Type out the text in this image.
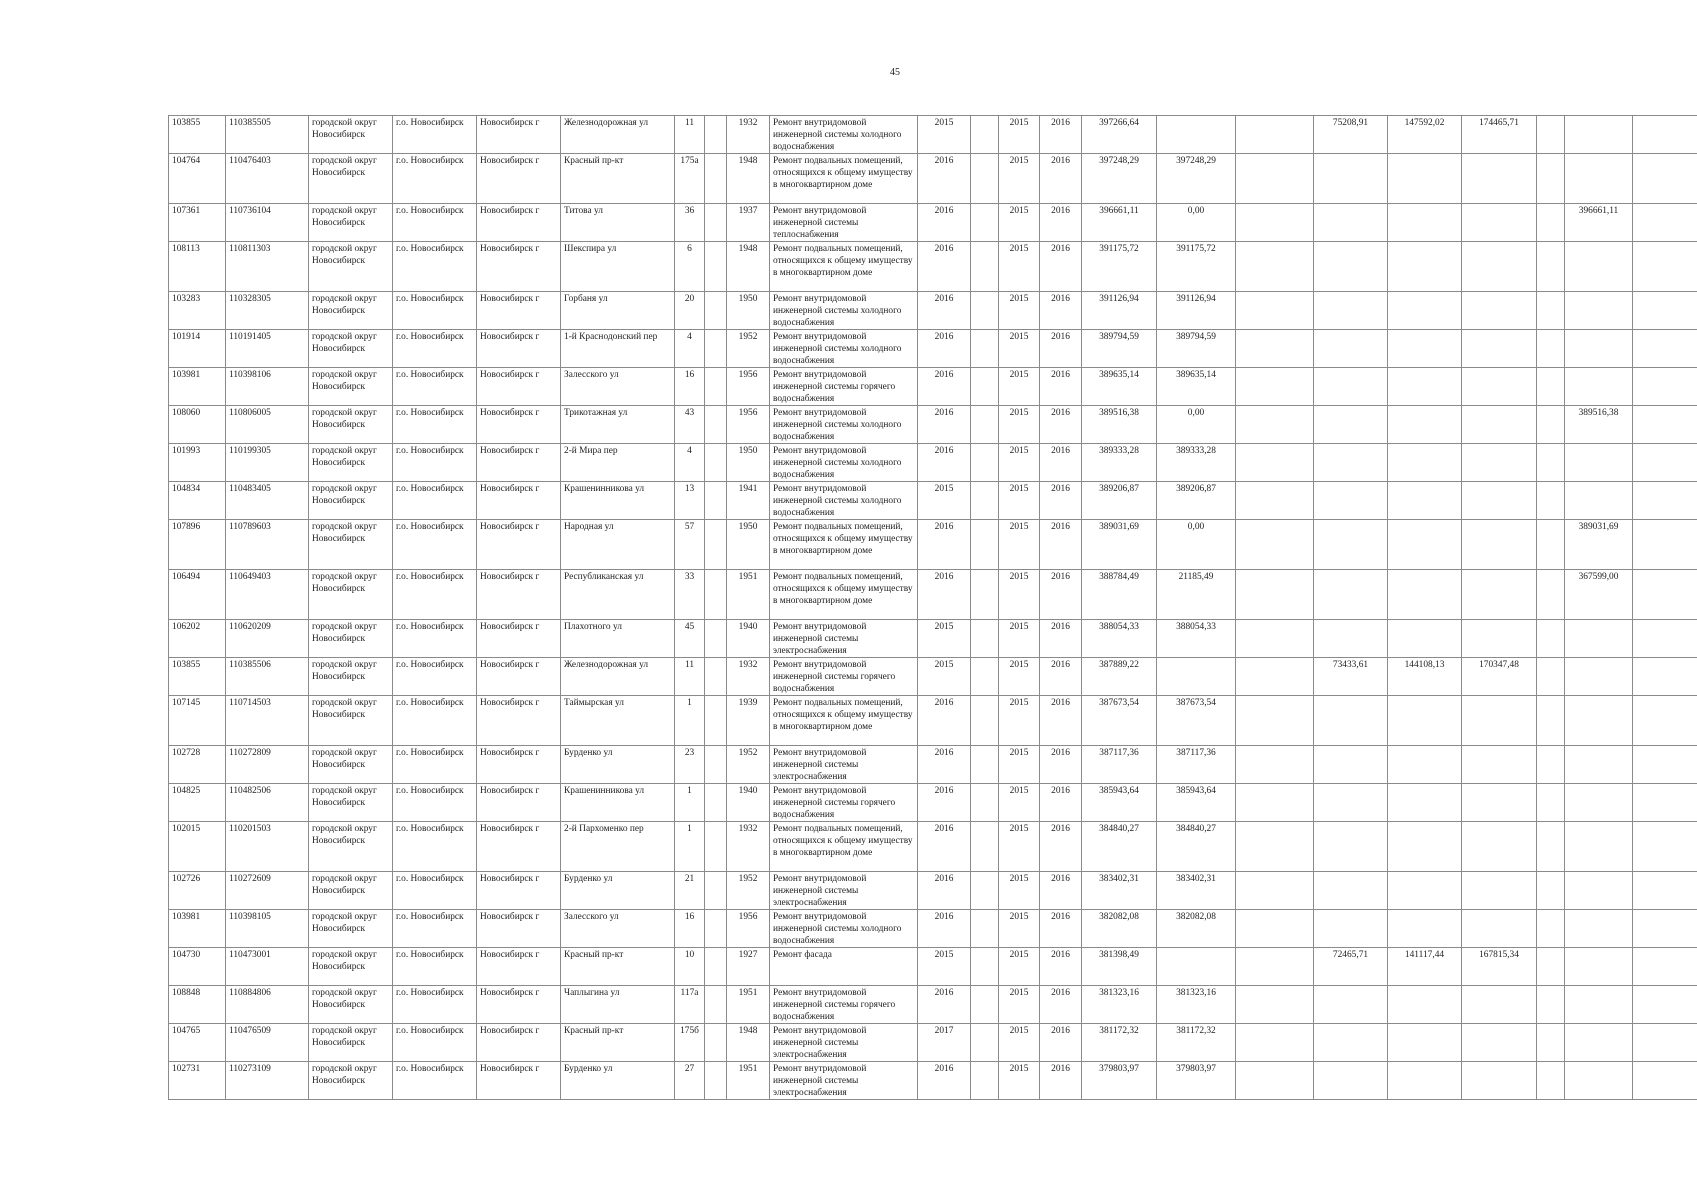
45
103855	110385505	городской округ Новосибирск	г.о. Новосибирск	Новосибирск г	Железнодорожная ул	11		1932	Ремонт внутридомовой инженерной системы холодного водоснабжения	2015		2015	2016	397266,64			75208,91	147592,02	174465,71			
104764	110476403	городской округ Новосибирск	г.о. Новосибирск	Новосибирск г	Красный пр-кт	175а		1948	Ремонт подвальных помещений, относящихся к общему имуществу в многоквартирном доме	2016		2015	2016	397248,29	397248,29							
107361	110736104	городской округ Новосибирск	г.о. Новосибирск	Новосибирск г	Титова ул	36		1937	Ремонт внутридомовой инженерной системы теплоснабжения	2016		2015	2016	396661,11	0,00						396661,11	
108113	110811303	городской округ Новосибирск	г.о. Новосибирск	Новосибирск г	Шекспира ул	6		1948	Ремонт подвальных помещений, относящихся к общему имуществу в многоквартирном доме	2016		2015	2016	391175,72	391175,72							
103283	110328305	городской округ Новосибирск	г.о. Новосибирск	Новосибирск г	Горбаня ул	20		1950	Ремонт внутридомовой инженерной системы холодного водоснабжения	2016		2015	2016	391126,94	391126,94							
101914	110191405	городской округ Новосибирск	г.о. Новосибирск	Новосибирск г	1-й Краснодонский пер	4		1952	Ремонт внутридомовой инженерной системы холодного водоснабжения	2016		2015	2016	389794,59	389794,59							
103981	110398106	городской округ Новосибирск	г.о. Новосибирск	Новосибирск г	Залесского ул	16		1956	Ремонт внутридомовой инженерной системы горячего водоснабжения	2016		2015	2016	389635,14	389635,14							
108060	110806005	городской округ Новосибирск	г.о. Новосибирск	Новосибирск г	Трикотажная ул	43		1956	Ремонт внутридомовой инженерной системы холодного водоснабжения	2016		2015	2016	389516,38	0,00						389516,38	
101993	110199305	городской округ Новосибирск	г.о. Новосибирск	Новосибирск г	2-й Мира пер	4		1950	Ремонт внутридомовой инженерной системы холодного водоснабжения	2016		2015	2016	389333,28	389333,28							
104834	110483405	городской округ Новосибирск	г.о. Новосибирск	Новосибирск г	Крашенинникова ул	13		1941	Ремонт внутридомовой инженерной системы холодного водоснабжения	2015		2015	2016	389206,87	389206,87							
107896	110789603	городской округ Новосибирск	г.о. Новосибирск	Новосибирск г	Народная ул	57		1950	Ремонт подвальных помещений, относящихся к общему имуществу в многоквартирном доме	2016		2015	2016	389031,69	0,00						389031,69	
106494	110649403	городской округ Новосибирск	г.о. Новосибирск	Новосибирск г	Республиканская ул	33		1951	Ремонт подвальных помещений, относящихся к общему имуществу в многоквартирном доме	2016		2015	2016	388784,49	21185,49						367599,00	
106202	110620209	городской округ Новосибирск	г.о. Новосибирск	Новосибирск г	Плахотного ул	45		1940	Ремонт внутридомовой инженерной системы электроснабжения	2015		2015	2016	388054,33	388054,33							
103855	110385506	городской округ Новосибирск	г.о. Новосибирск	Новосибирск г	Железнодорожная ул	11		1932	Ремонт внутридомовой инженерной системы горячего водоснабжения	2015		2015	2016	387889,22			73433,61	144108,13	170347,48			
107145	110714503	городской округ Новосибирск	г.о. Новосибирск	Новосибирск г	Таймырская ул	1		1939	Ремонт подвальных помещений, относящихся к общему имуществу в многоквартирном доме	2016		2015	2016	387673,54	387673,54							
102728	110272809	городской округ Новосибирск	г.о. Новосибирск	Новосибирск г	Бурденко ул	23		1952	Ремонт внутридомовой инженерной системы электроснабжения	2016		2015	2016	387117,36	387117,36							
104825	110482506	городской округ Новосибирск	г.о. Новосибирск	Новосибирск г	Крашенинникова ул	1		1940	Ремонт внутридомовой инженерной системы горячего водоснабжения	2016		2015	2016	385943,64	385943,64							
102015	110201503	городской округ Новосибирск	г.о. Новосибирск	Новосибирск г	2-й Пархоменко пер	1		1932	Ремонт подвальных помещений, относящихся к общему имуществу в многоквартирном доме	2016		2015	2016	384840,27	384840,27							
102726	110272609	городской округ Новосибирск	г.о. Новосибирск	Новосибирск г	Бурденко ул	21		1952	Ремонт внутридомовой инженерной системы электроснабжения	2016		2015	2016	383402,31	383402,31							
103981	110398105	городской округ Новосибирск	г.о. Новосибирск	Новосибирск г	Залесского ул	16		1956	Ремонт внутридомовой инженерной системы холодного водоснабжения	2016		2015	2016	382082,08	382082,08							
104730	110473001	городской округ Новосибирск	г.о. Новосибирск	Новосибирск г	Красный пр-кт	10		1927	Ремонт фасада	2015		2015	2016	381398,49			72465,71	141117,44	167815,34			
108848	110884806	городской округ Новосибирск	г.о. Новосибирск	Новосибирск г	Чаплыгина ул	117а		1951	Ремонт внутридомовой инженерной системы горячего водоснабжения	2016		2015	2016	381323,16	381323,16							
104765	110476509	городской округ Новосибирск	г.о. Новосибирск	Новосибирск г	Красный пр-кт	175б		1948	Ремонт внутридомовой инженерной системы электроснабжения	2017		2015	2016	381172,32	381172,32							
102731	110273109	городской округ Новосибирск	г.о. Новосибирск	Новосибирск г	Бурденко ул	27		1951	Ремонт внутридомовой инженерной системы электроснабжения	2016		2015	2016	379803,97	379803,97							
